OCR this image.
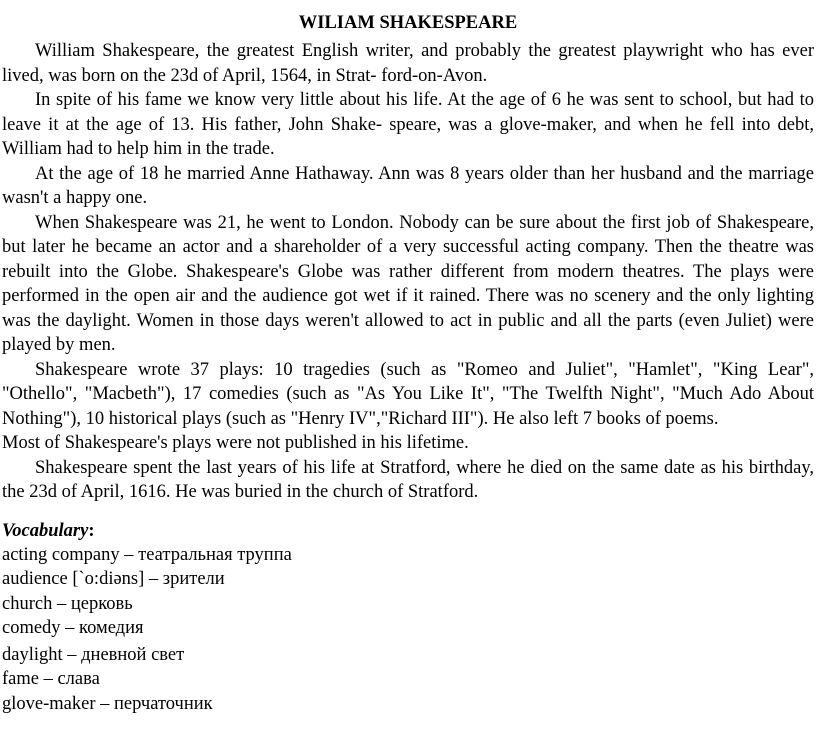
WILIAM SHAKESPEARE

William Shakespeare, the greatest English writer, and probably the greatest playwright who has ever lived, was born on the 23d of April, 1564, in Strat- ford-on-Avon.

In spite of his fame we know very little about his life. At the age of 6 he was sent to school, but had to leave it at the age of 13. His father, John Shake- speare, was a glove-maker, and when he fell into debt, William had to help him in the trade.

At the age of 18 he married Anne Hathaway. Ann was 8 years older than her husband and the marriage wasn't a happy one.

When Shakespeare was 21, he went to London. Nobody can be sure about the first job of Shakespeare, but later he became an actor and a shareholder of a very successful acting company. Then the theatre was rebuilt into the Globe. Shakespeare's Globe was rather different from modern theatres. The plays were performed in the open air and the audience got wet if it rained. There was no scenery and the only lighting was the daylight. Women in those days weren't allowed to act in public and all the parts (even Juliet) were played by men.

Shakespeare wrote 37 plays: 10 tragedies (such as "Romeo and Juliet", "Hamlet", "King Lear", "Othello", "Macbeth"), 17 comedies (such as "As You Like It", "The Twelfth Night", "Much Ado About Nothing"), 10 historical plays (such as "Henry IV","Richard III"). He also left 7 books of poems.

Most of Shakespeare's plays were not published in his lifetime.

Shakespeare spent the last years of his life at Stratford, where he died on the same date as his birthday, the 23d of April, 1616. He was buried in the church of Stratford.

Vocabulary:
acting company – театральная труппа
audience [`o:diəns] – зрители
church – церковь
comedy – комедия
daylight – дневной свет
fame – слава
glove-maker – перчаточник
